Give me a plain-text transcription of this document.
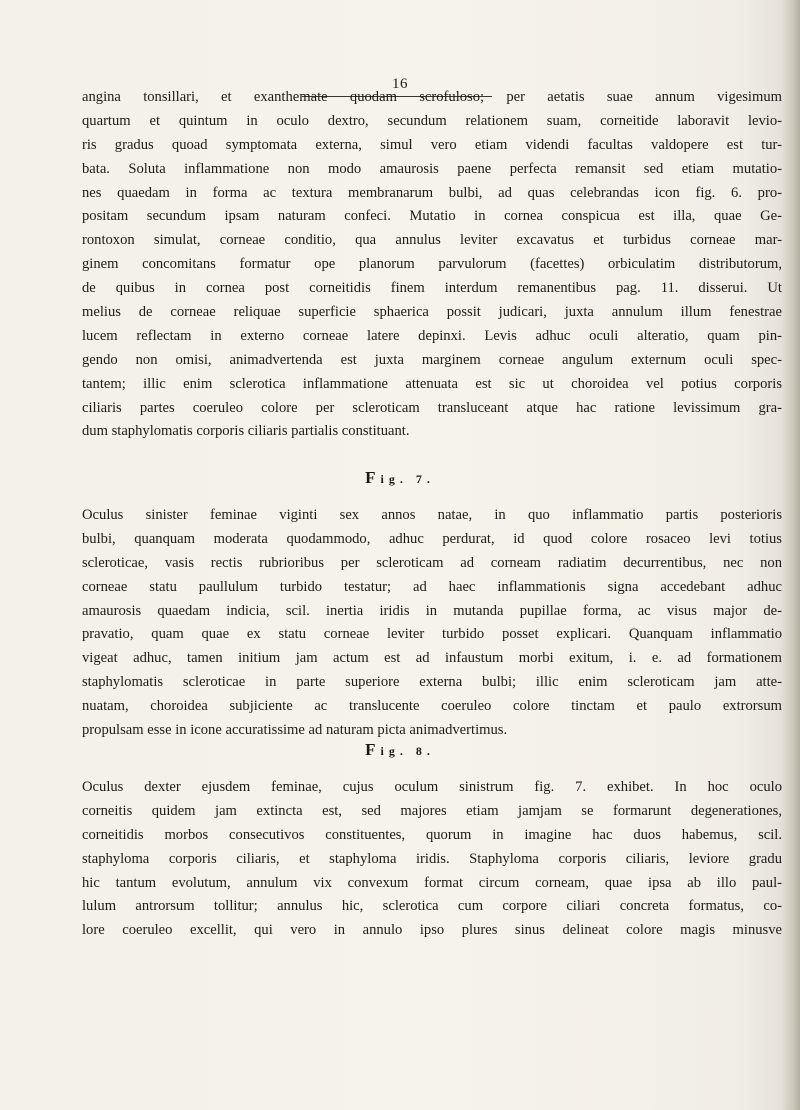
16
angina tonsillari, et exanthemate quodam scrofuloso; per aetatis suae annum vigesimum
quartum et quintum in oculo dextro, secundum relationem suam, corneitide laboravit levio-
ris gradus quoad symptomata externa, simul vero etiam videndi facultas valdopere est tur-
bata. Soluta inflammatione non modo amaurosis paene perfecta remansit sed etiam mutatio-
nes quaedam in forma ac textura membranarum bulbi, ad quas celebrandas icon fig. 6. pro-
positam secundum ipsam naturam confeci. Mutatio in cornea conspicua est illa, quae Ge-
rontoxon simulat, corneae conditio, qua annulus leviter excavatus et turbidus corneae mar-
ginem concomitans formatur ope planorum parvulorum (facettes) orbiculatim distributorum,
de quibus in cornea post corneitidis finem interdum remanentibus pag. 11. disserui. Ut
melius de corneae reliquae superficie sphaerica possit judicari, juxta annulum illum fenestrae
lucem reflectam in externo corneae latere depinxi. Levis adhuc oculi alteratio, quam pin-
gendo non omisi, animadvertenda est juxta marginem corneae angulum externum oculi spec-
tantem; illic enim sclerotica inflammatione attenuata est sic ut choroidea vel potius corporis
ciliaris partes coeruleo colore per scleroticam transluceant atque hac ratione levissimum gra-
dum staphylomatis corporis ciliaris partialis constituant.
Fig. 7.
Oculus sinister feminae viginti sex annos natae, in quo inflammatio partis posterioris
bulbi, quanquam moderata quodammodo, adhuc perdurat, id quod colore rosaceo levi totius
scleroticae, vasis rectis rubrioribus per scleroticam ad corneam radiatim decurrentibus, nec non
corneae statu paullulum turbido testatur; ad haec inflammationis signa accedebant adhuc
amaurosis quaedam indicia, scil. inertia iridis in mutanda pupillae forma, ac visus major de-
pravatio, quam quae ex statu corneae leviter turbido posset explicari. Quanquam inflammatio
vigeat adhuc, tamen initium jam actum est ad infaustum morbi exitum, i. e. ad formationem
staphylomatis scleroticae in parte superiore externa bulbi; illic enim scleroticam jam atte-
nuatam, choroidea subjiciente ac translucente coeruleo colore tinctam et paulo extrorsum
propulsam esse in icone accuratissime ad naturam picta animadvertimus.
Fig. 8.
Oculus dexter ejusdem feminae, cujus oculum sinistrum fig. 7. exhibet. In hoc oculo
corneitis quidem jam extincta est, sed majores etiam jamjam se formarunt degenerationes,
corneitidis morbos consecutivos constituentes, quorum in imagine hac duos habemus, scil.
staphyloma corporis ciliaris, et staphyloma iridis. Staphyloma corporis ciliaris, leviore gradu
hic tantum evolutum, annulum vix convexum format circum corneam, quae ipsa ab illo paul-
lulum antrorsum tollitur; annulus hic, sclerotica cum corpore ciliari concreta formatus, co-
lore coeruleo excellit, qui vero in annulo ipso plures sinus delineat colore magis minusve
